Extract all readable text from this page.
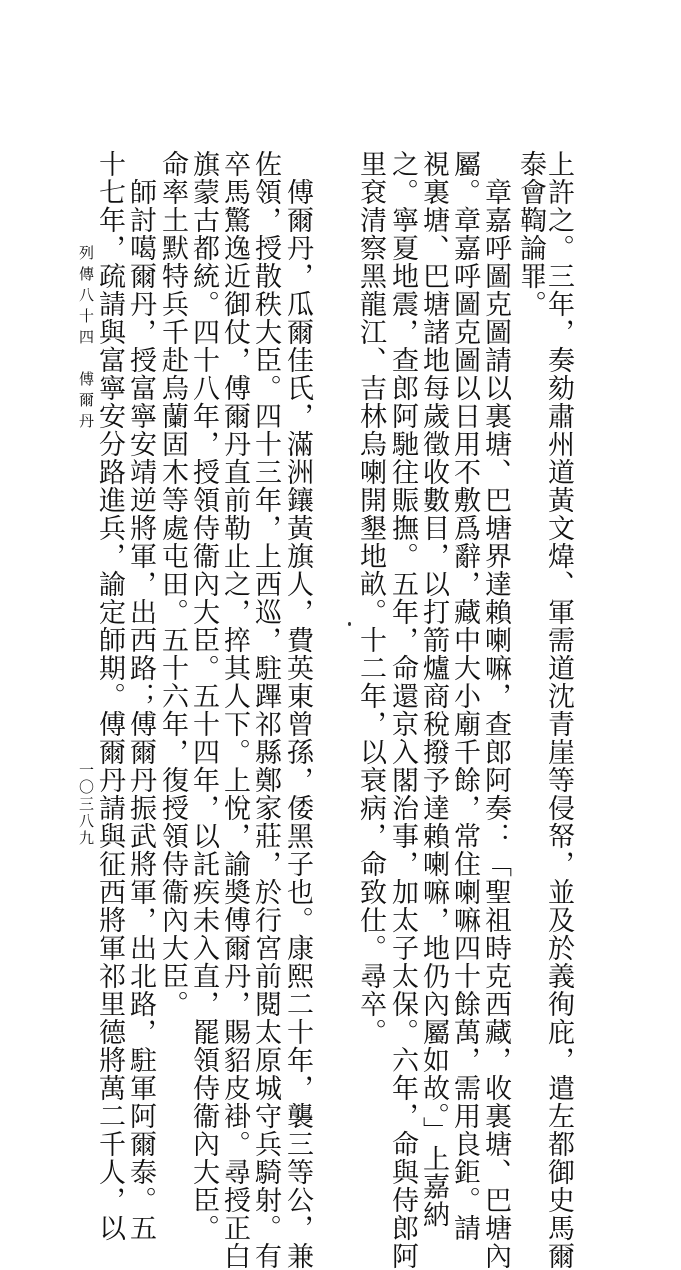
列傳八十四　傅爾丹
一〇三八九	上許之。三年，奏劾肅州道黃文煒、軍需道沈青崖等侵帑，並及於義徇庇，遣左都御史馬爾
泰會鞫論罪。
章嘉呼圖克圖請以裏塘、巴塘界達賴喇嘛，查郎阿奏：「聖祖時克西藏，收裏塘、巴塘內
屬。章嘉呼圖克圖以日用不敷爲辭，藏中大小廟千餘，常住喇嘛四十餘萬，需用良鉅。請
視裏塘、巴塘諸地每歲徵收數目，以打箭爐商稅撥予達賴喇嘛，地仍內屬如故。」上嘉納
之。寧夏地震，查郎阿馳往賑撫。五年，命還京入閣治事，加太子太保。六年，命與侍郎阿
里袞清察黑龍江、吉林烏喇開墾地畝。十二年，以衰病，命致仕。尋卒。
傅爾丹，瓜爾佳氏，滿洲鑲黃旗人，費英東曾孫，倭黑子也。康熙二十年，襲三等公，兼
佐領，授散秩大臣。四十三年，上西巡，駐蹕祁縣鄭家莊，於行宮前閱太原城守兵騎射。有
卒馬驚逸近御仗，傅爾丹直前勒止之，捽其人下。上悅，諭奬傅爾丹，賜貂皮褂。尋授正白
旗蒙古都統。四十八年，授領侍衞內大臣。五十四年，以託疾未入直，罷領侍衞內大臣。
命率土默特兵千赴烏蘭固木等處屯田。五十六年，復授領侍衞內大臣。
師討噶爾丹，授富寧安靖逆將軍，出西路；傅爾丹振武將軍，出北路，駐軍阿爾泰。五
十七年，疏請與富寧安分路進兵，諭定師期。傅爾丹請與征西將軍祁里德將萬二千人，以
